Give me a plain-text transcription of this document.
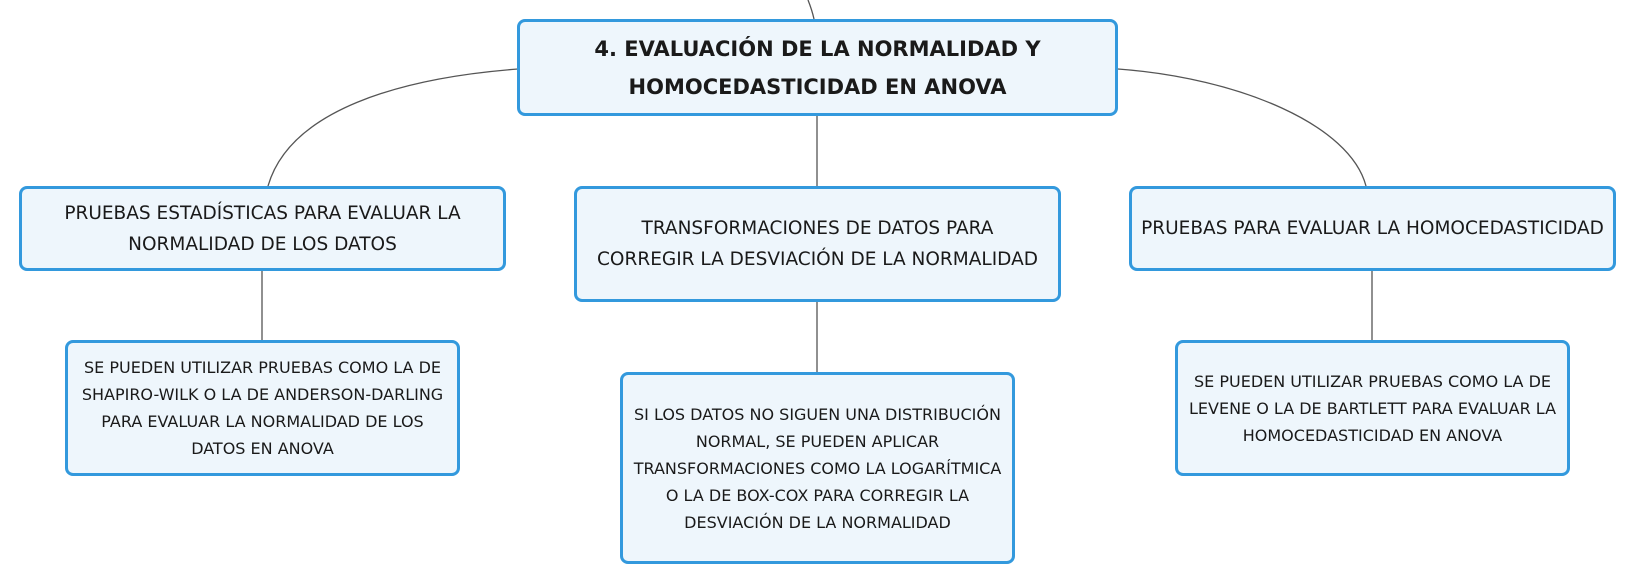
4. EVALUACIÓN DE LA NORMALIDAD Y HOMOCEDASTICIDAD EN ANOVA
PRUEBAS ESTADÍSTICAS PARA EVALUAR LA NORMALIDAD DE LOS DATOS
TRANSFORMACIONES DE DATOS PARA CORREGIR LA DESVIACIÓN DE LA NORMALIDAD
PRUEBAS PARA EVALUAR LA HOMOCEDASTICIDAD
SE PUEDEN UTILIZAR PRUEBAS COMO LA DE SHAPIRO-WILK O LA DE ANDERSON-DARLING PARA EVALUAR LA NORMALIDAD DE LOS DATOS EN ANOVA
SI LOS DATOS NO SIGUEN UNA DISTRIBUCIÓN NORMAL, SE PUEDEN APLICAR TRANSFORMACIONES COMO LA LOGARÍTMICA O LA DE BOX-COX PARA CORREGIR LA DESVIACIÓN DE LA NORMALIDAD
SE PUEDEN UTILIZAR PRUEBAS COMO LA DE LEVENE O LA DE BARTLETT PARA EVALUAR LA HOMOCEDASTICIDAD EN ANOVA
